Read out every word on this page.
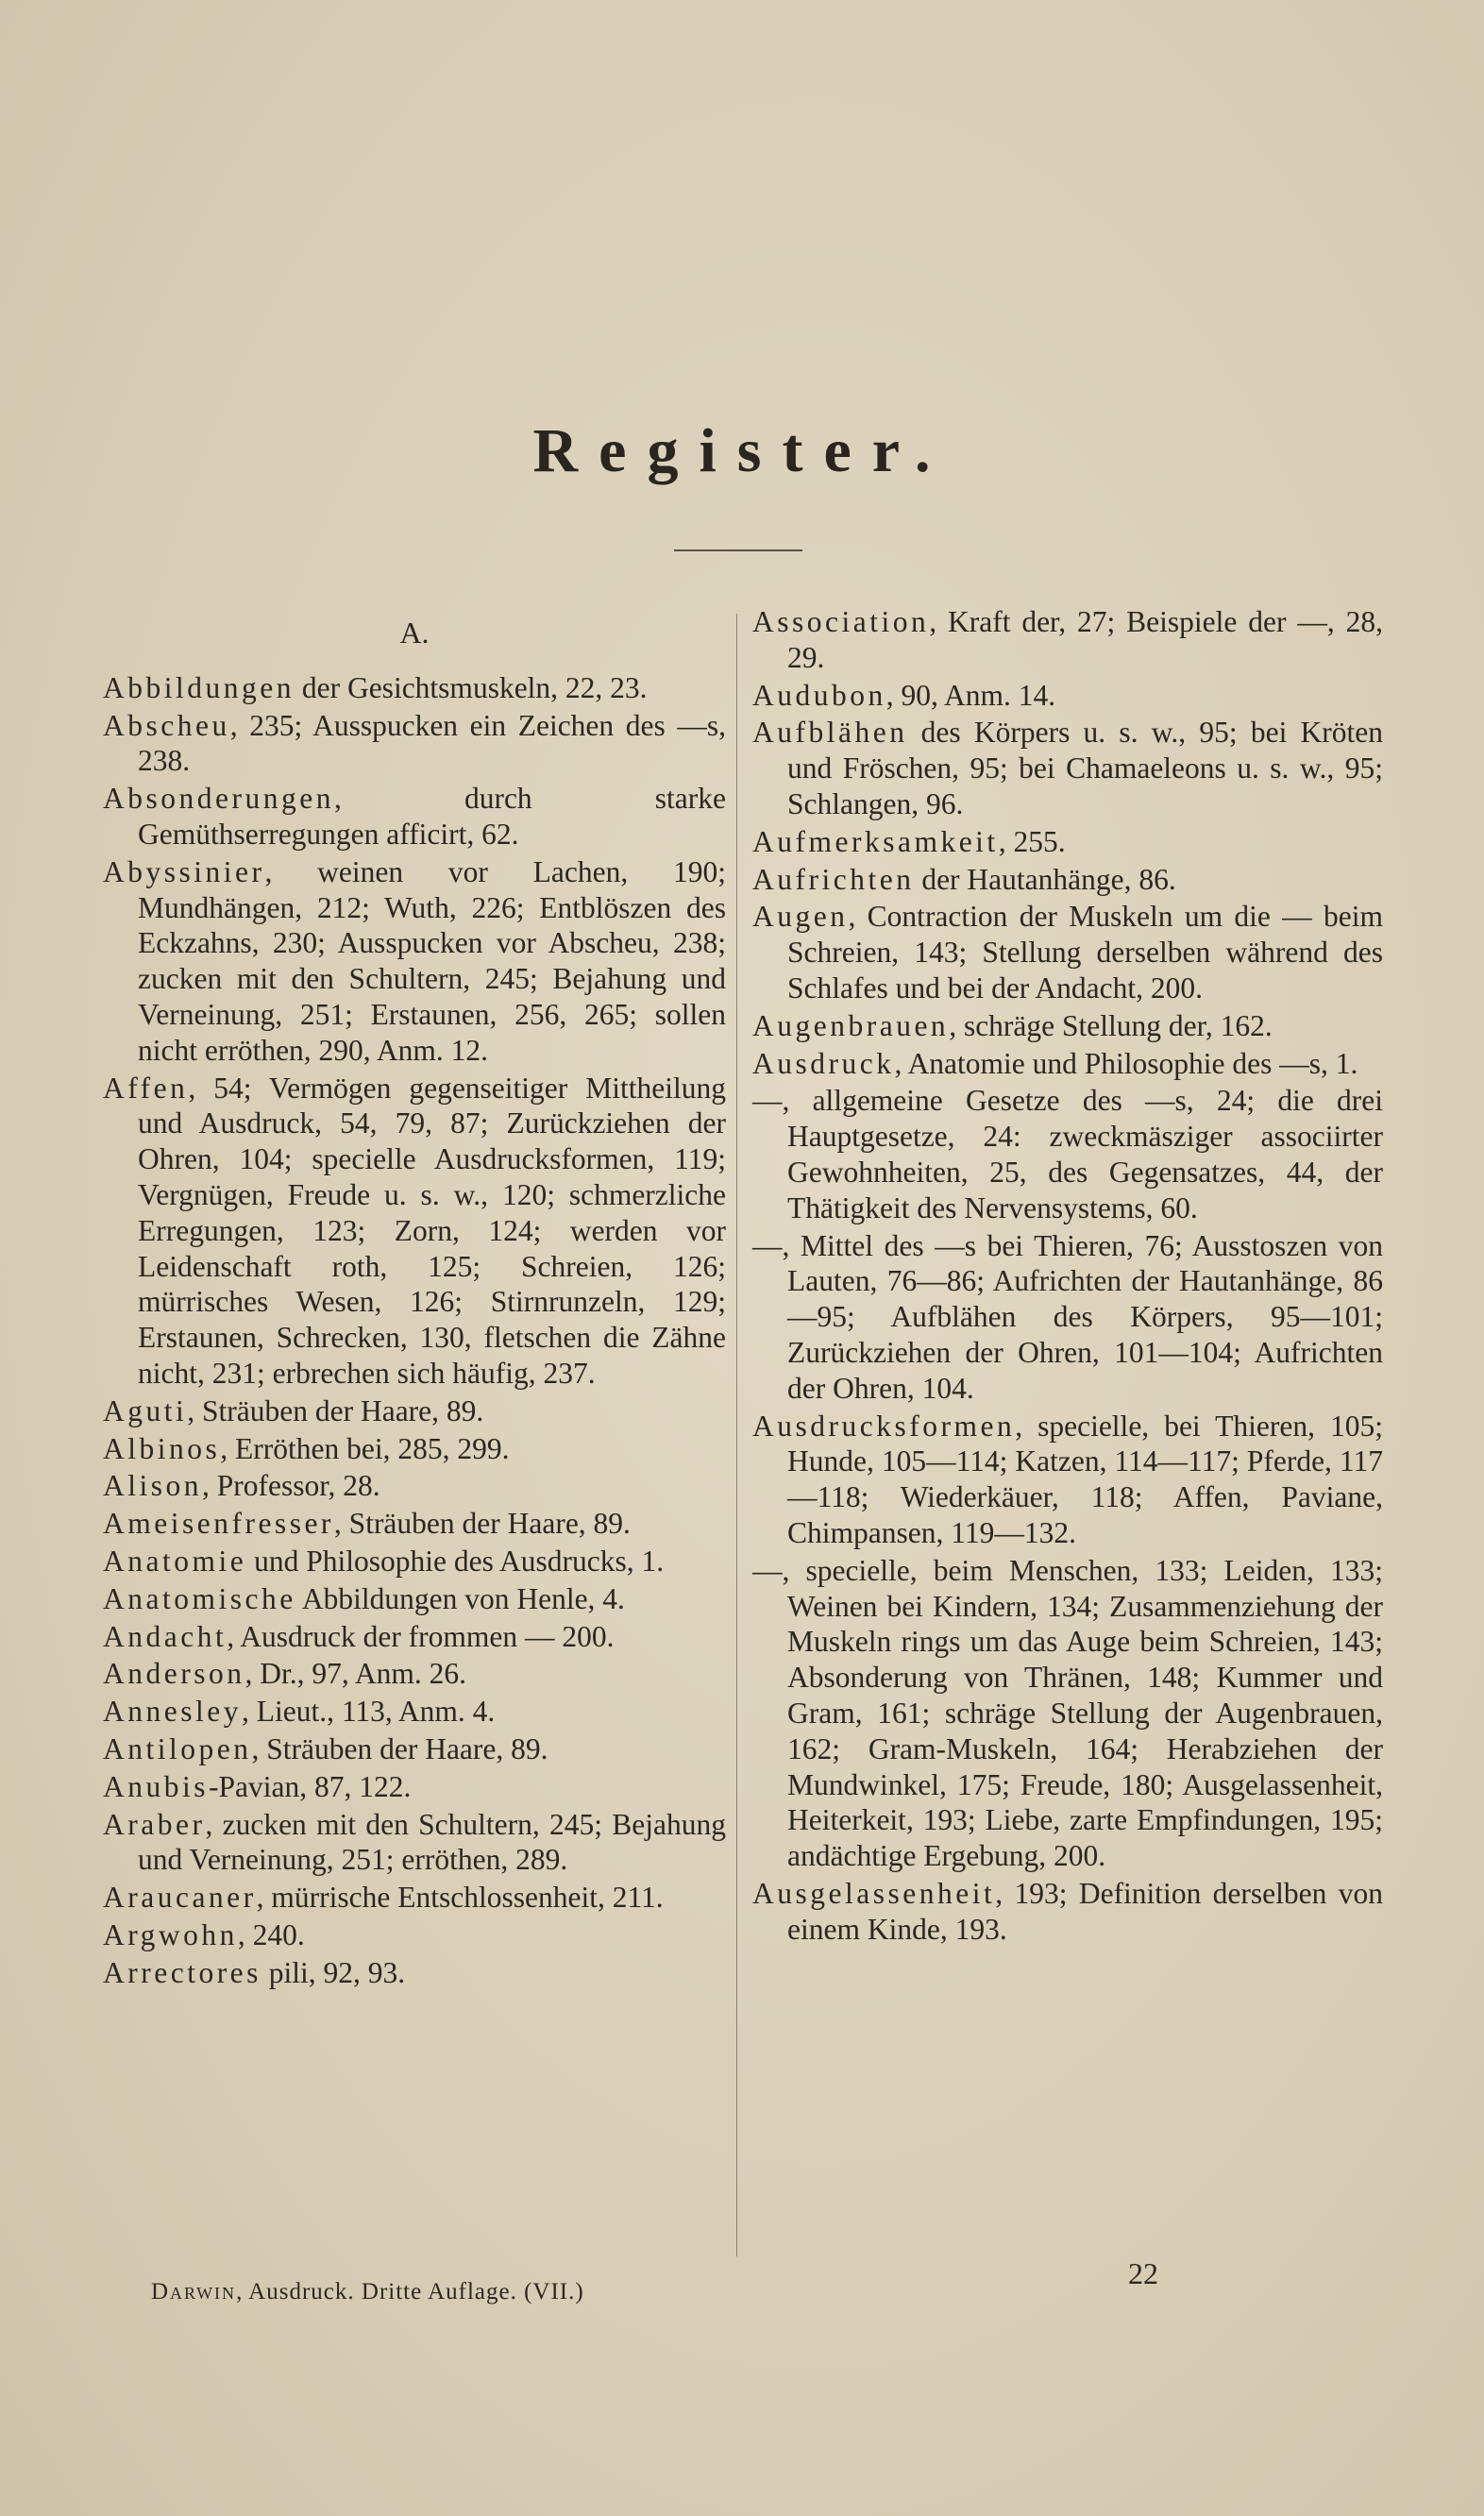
Register.
A.
Abbildungen der Gesichtsmuskeln, 22, 23.
Abscheu, 235; Ausspucken ein Zeichen des —s, 238.
Absonderungen, durch starke Gemüthserregungen afficirt, 62.
Abyssinier, weinen vor Lachen, 190; Mundhängen, 212; Wuth, 226; Entblöszen des Eckzahns, 230; Ausspucken vor Abscheu, 238; zucken mit den Schultern, 245; Bejahung und Verneinung, 251; Erstaunen, 256, 265; sollen nicht erröthen, 290, Anm. 12.
Affen, 54; Vermögen gegenseitiger Mittheilung und Ausdruck, 54, 79, 87; Zurückziehen der Ohren, 104; specielle Ausdrucksformen, 119; Vergnügen, Freude u. s. w., 120; schmerzliche Erregungen, 123; Zorn, 124; werden vor Leidenschaft roth, 125; Schreien, 126; mürrisches Wesen, 126; Stirnrunzeln, 129; Erstaunen, Schrecken, 130, fletschen die Zähne nicht, 231; erbrechen sich häufig, 237.
Aguti, Sträuben der Haare, 89.
Albinos, Erröthen bei, 285, 299.
Alison, Professor, 28.
Ameisenfresser, Sträuben der Haare, 89.
Anatomie und Philosophie des Ausdrucks, 1.
Anatomische Abbildungen von Henle, 4.
Andacht, Ausdruck der frommen — 200.
Anderson, Dr., 97, Anm. 26.
Annesley, Lieut., 113, Anm. 4.
Antilopen, Sträuben der Haare, 89.
Anubis-Pavian, 87, 122.
Araber, zucken mit den Schultern, 245; Bejahung und Verneinung, 251; erröthen, 289.
Araucaner, mürrische Entschlossenheit, 211.
Argwohn, 240.
Arrectores pili, 92, 93.
Association, Kraft der, 27; Beispiele der —, 28, 29.
Audubon, 90, Anm. 14.
Aufblähen des Körpers u. s. w., 95; bei Kröten und Fröschen, 95; bei Chamaeleons u. s. w., 95; Schlangen, 96.
Aufmerksamkeit, 255.
Aufrichten der Hautanhänge, 86.
Augen, Contraction der Muskeln um die — beim Schreien, 143; Stellung derselben während des Schlafes und bei der Andacht, 200.
Augenbrauen, schräge Stellung der, 162.
Ausdruck, Anatomie und Philosophie des —s, 1.
—, allgemeine Gesetze des —s, 24; die drei Hauptgesetze, 24: zweckmäsziger associirter Gewohnheiten, 25, des Gegensatzes, 44, der Thätigkeit des Nervensystems, 60.
—, Mittel des —s bei Thieren, 76; Ausstoszen von Lauten, 76—86; Aufrichten der Hautanhänge, 86—95; Aufblähen des Körpers, 95—101; Zurückziehen der Ohren, 101—104; Aufrichten der Ohren, 104.
Ausdrucksformen, specielle, bei Thieren, 105; Hunde, 105—114; Katzen, 114—117; Pferde, 117—118; Wiederkäuer, 118; Affen, Paviane, Chimpansen, 119—132.
—, specielle, beim Menschen, 133; Leiden, 133; Weinen bei Kindern, 134; Zusammenziehung der Muskeln rings um das Auge beim Schreien, 143; Absonderung von Thränen, 148; Kummer und Gram, 161; schräge Stellung der Augenbrauen, 162; Gram-Muskeln, 164; Herabziehen der Mundwinkel, 175; Freude, 180; Ausgelassenheit, Heiterkeit, 193; Liebe, zarte Empfindungen, 195; andächtige Ergebung, 200.
Ausgelassenheit, 193; Definition derselben von einem Kinde, 193.
Darwin, Ausdruck. Dritte Auflage. (VII.)
22
